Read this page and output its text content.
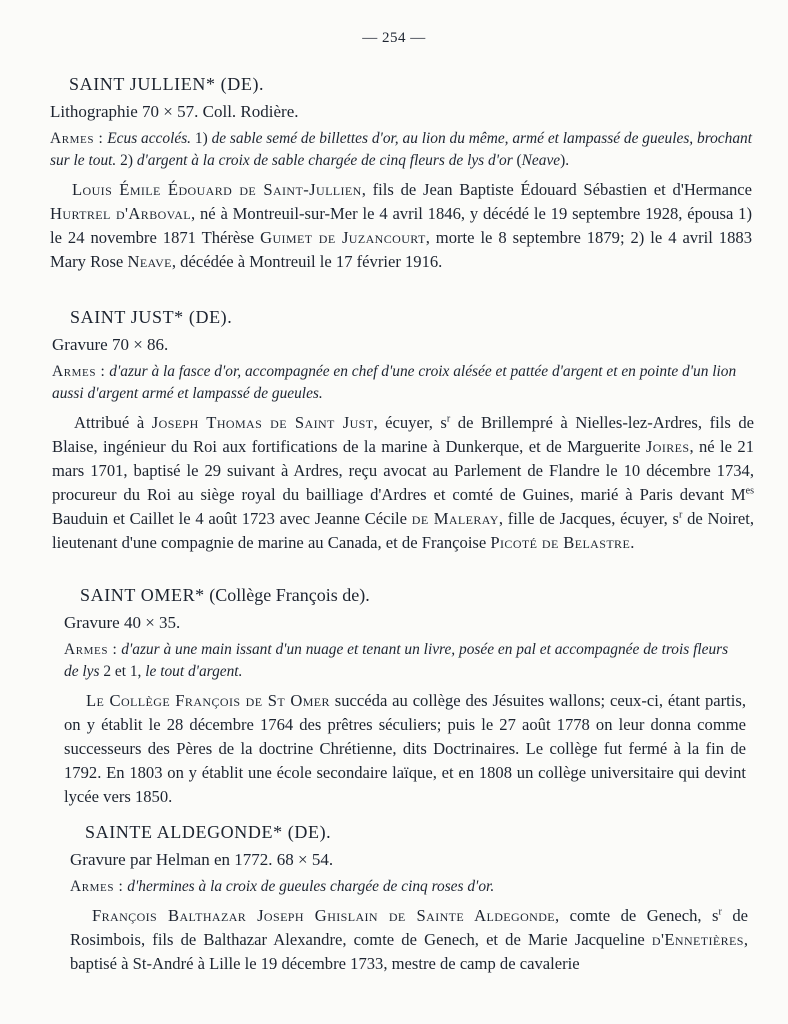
— 254 —
SAINT JULLIEN* (DE).
Lithographie 70 × 57. Coll. Rodière.
Armes : Ecus accolés. 1) de sable semé de billettes d'or, au lion du même, armé et lampassé de gueules, brochant sur le tout. 2) d'argent à la croix de sable chargée de cinq fleurs de lys d'or (Neave).
Louis Émile Édouard de Saint-Jullien, fils de Jean Baptiste Édouard Sébastien et d'Hermance Hurtrel d'Arboval, né à Montreuil-sur-Mer le 4 avril 1846, y décédé le 19 septembre 1928, épousa 1) le 24 novembre 1871 Thérèse Guimet de Juzancourt, morte le 8 septembre 1879; 2) le 4 avril 1883 Mary Rose Neave, décédée à Montreuil le 17 février 1916.
SAINT JUST* (DE).
Gravure 70 × 86.
Armes : d'azur à la fasce d'or, accompagnée en chef d'une croix alésée et pattée d'argent et en pointe d'un lion aussi d'argent armé et lampassé de gueules.
Attribué à Joseph Thomas de Saint Just, écuyer, $s^r$ de Brillempré à Nielles-lez-Ardres, fils de Blaise, ingénieur du Roi aux fortifications de la marine à Dunkerque, et de Marguerite Joires, né le 21 mars 1701, baptisé le 29 suivant à Ardres, reçu avocat au Parlement de Flandre le 10 décembre 1734, procureur du Roi au siège royal du bailliage d'Ardres et comté de Guines, marié à Paris devant $M^{es}$ Bauduin et Caillet le 4 août 1723 avec Jeanne Cécile de Maleray, fille de Jacques, écuyer, $s^r$ de Noiret, lieutenant d'une compagnie de marine au Canada, et de Françoise Picoté de Belastre.
SAINT OMER* (Collège François de).
Gravure 40 × 35.
Armes : d'azur à une main issant d'un nuage et tenant un livre, posée en pal et accompagnée de trois fleurs de lys 2 et 1, le tout d'argent.
Le Collège François de St Omer succéda au collège des Jésuites wallons; ceux-ci, étant partis, on y établit le 28 décembre 1764 des prêtres séculiers; puis le 27 août 1778 on leur donna comme successeurs des Pères de la doctrine Chrétienne, dits Doctrinaires. Le collège fut fermé à la fin de 1792. En 1803 on y établit une école secondaire laïque, et en 1808 un collège universitaire qui devint lycée vers 1850.
SAINTE ALDEGONDE* (DE).
Gravure par Helman en 1772. 68 × 54.
Armes : d'hermines à la croix de gueules chargée de cinq roses d'or.
François Balthazar Joseph Ghislain de Sainte Aldegonde, comte de Genech, $s^r$ de Rosimbois, fils de Balthazar Alexandre, comte de Genech, et de Marie Jacqueline d'Ennetières, baptisé à St-André à Lille le 19 décembre 1733, mestre de camp de cavalerie
